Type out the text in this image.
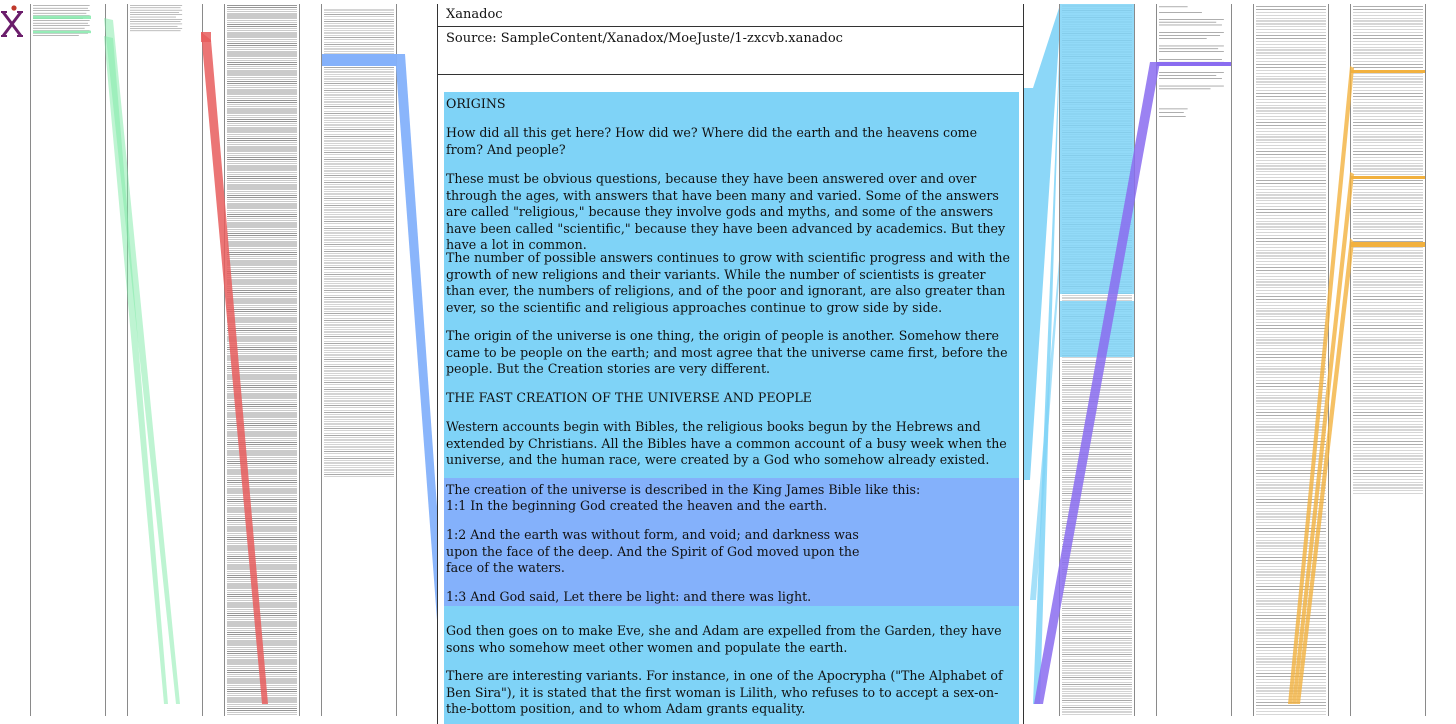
Xanadoc
Source: SampleContent/Xanadox/MoeJuste/1-zxcvb.xanadoc
ORIGINS
How did all this get here? How did we? Where did the earth and the heavens come from? And people?
These must be obvious questions, because they have been answered over and over through the ages, with answers that have been many and varied. Some of the answers are called "religious," because they involve gods and myths, and some of the answers have been called "scientific," because they have been advanced by academics. But they have a lot in common.
The number of possible answers continues to grow with scientific progress and with the growth of new religions and their variants. While the number of scientists is greater than ever, the numbers of religions, and of the poor and ignorant, are also greater than ever, so the scientific and religious approaches continue to grow side by side.
The origin of the universe is one thing, the origin of people is another. Somehow there came to be people on the earth; and most agree that the universe came first, before the people. But the Creation stories are very different.
THE FAST CREATION OF THE UNIVERSE AND PEOPLE
Western accounts begin with Bibles, the religious books begun by the Hebrews and extended by Christians. All the Bibles have a common account of a busy week when the universe, and the human race, were created by a God who somehow already existed.
The creation of the universe is described in the King James Bible like this:
1:1 In the beginning God created the heaven and the earth.
1:2 And the earth was without form, and void; and darkness was upon the face of the deep. And the Spirit of God moved upon the face of the waters.
1:3 And God said, Let there be light: and there was light.
God then goes on to make Eve, she and Adam are expelled from the Garden, they have sons who somehow meet other women and populate the earth.
There are interesting variants. For instance, in one of the Apocrypha ("The Alphabet of Ben Sira"), it is stated that the first woman is Lilith, who refuses to to accept a sex-on-the-bottom position, and to whom Adam grants equality.
